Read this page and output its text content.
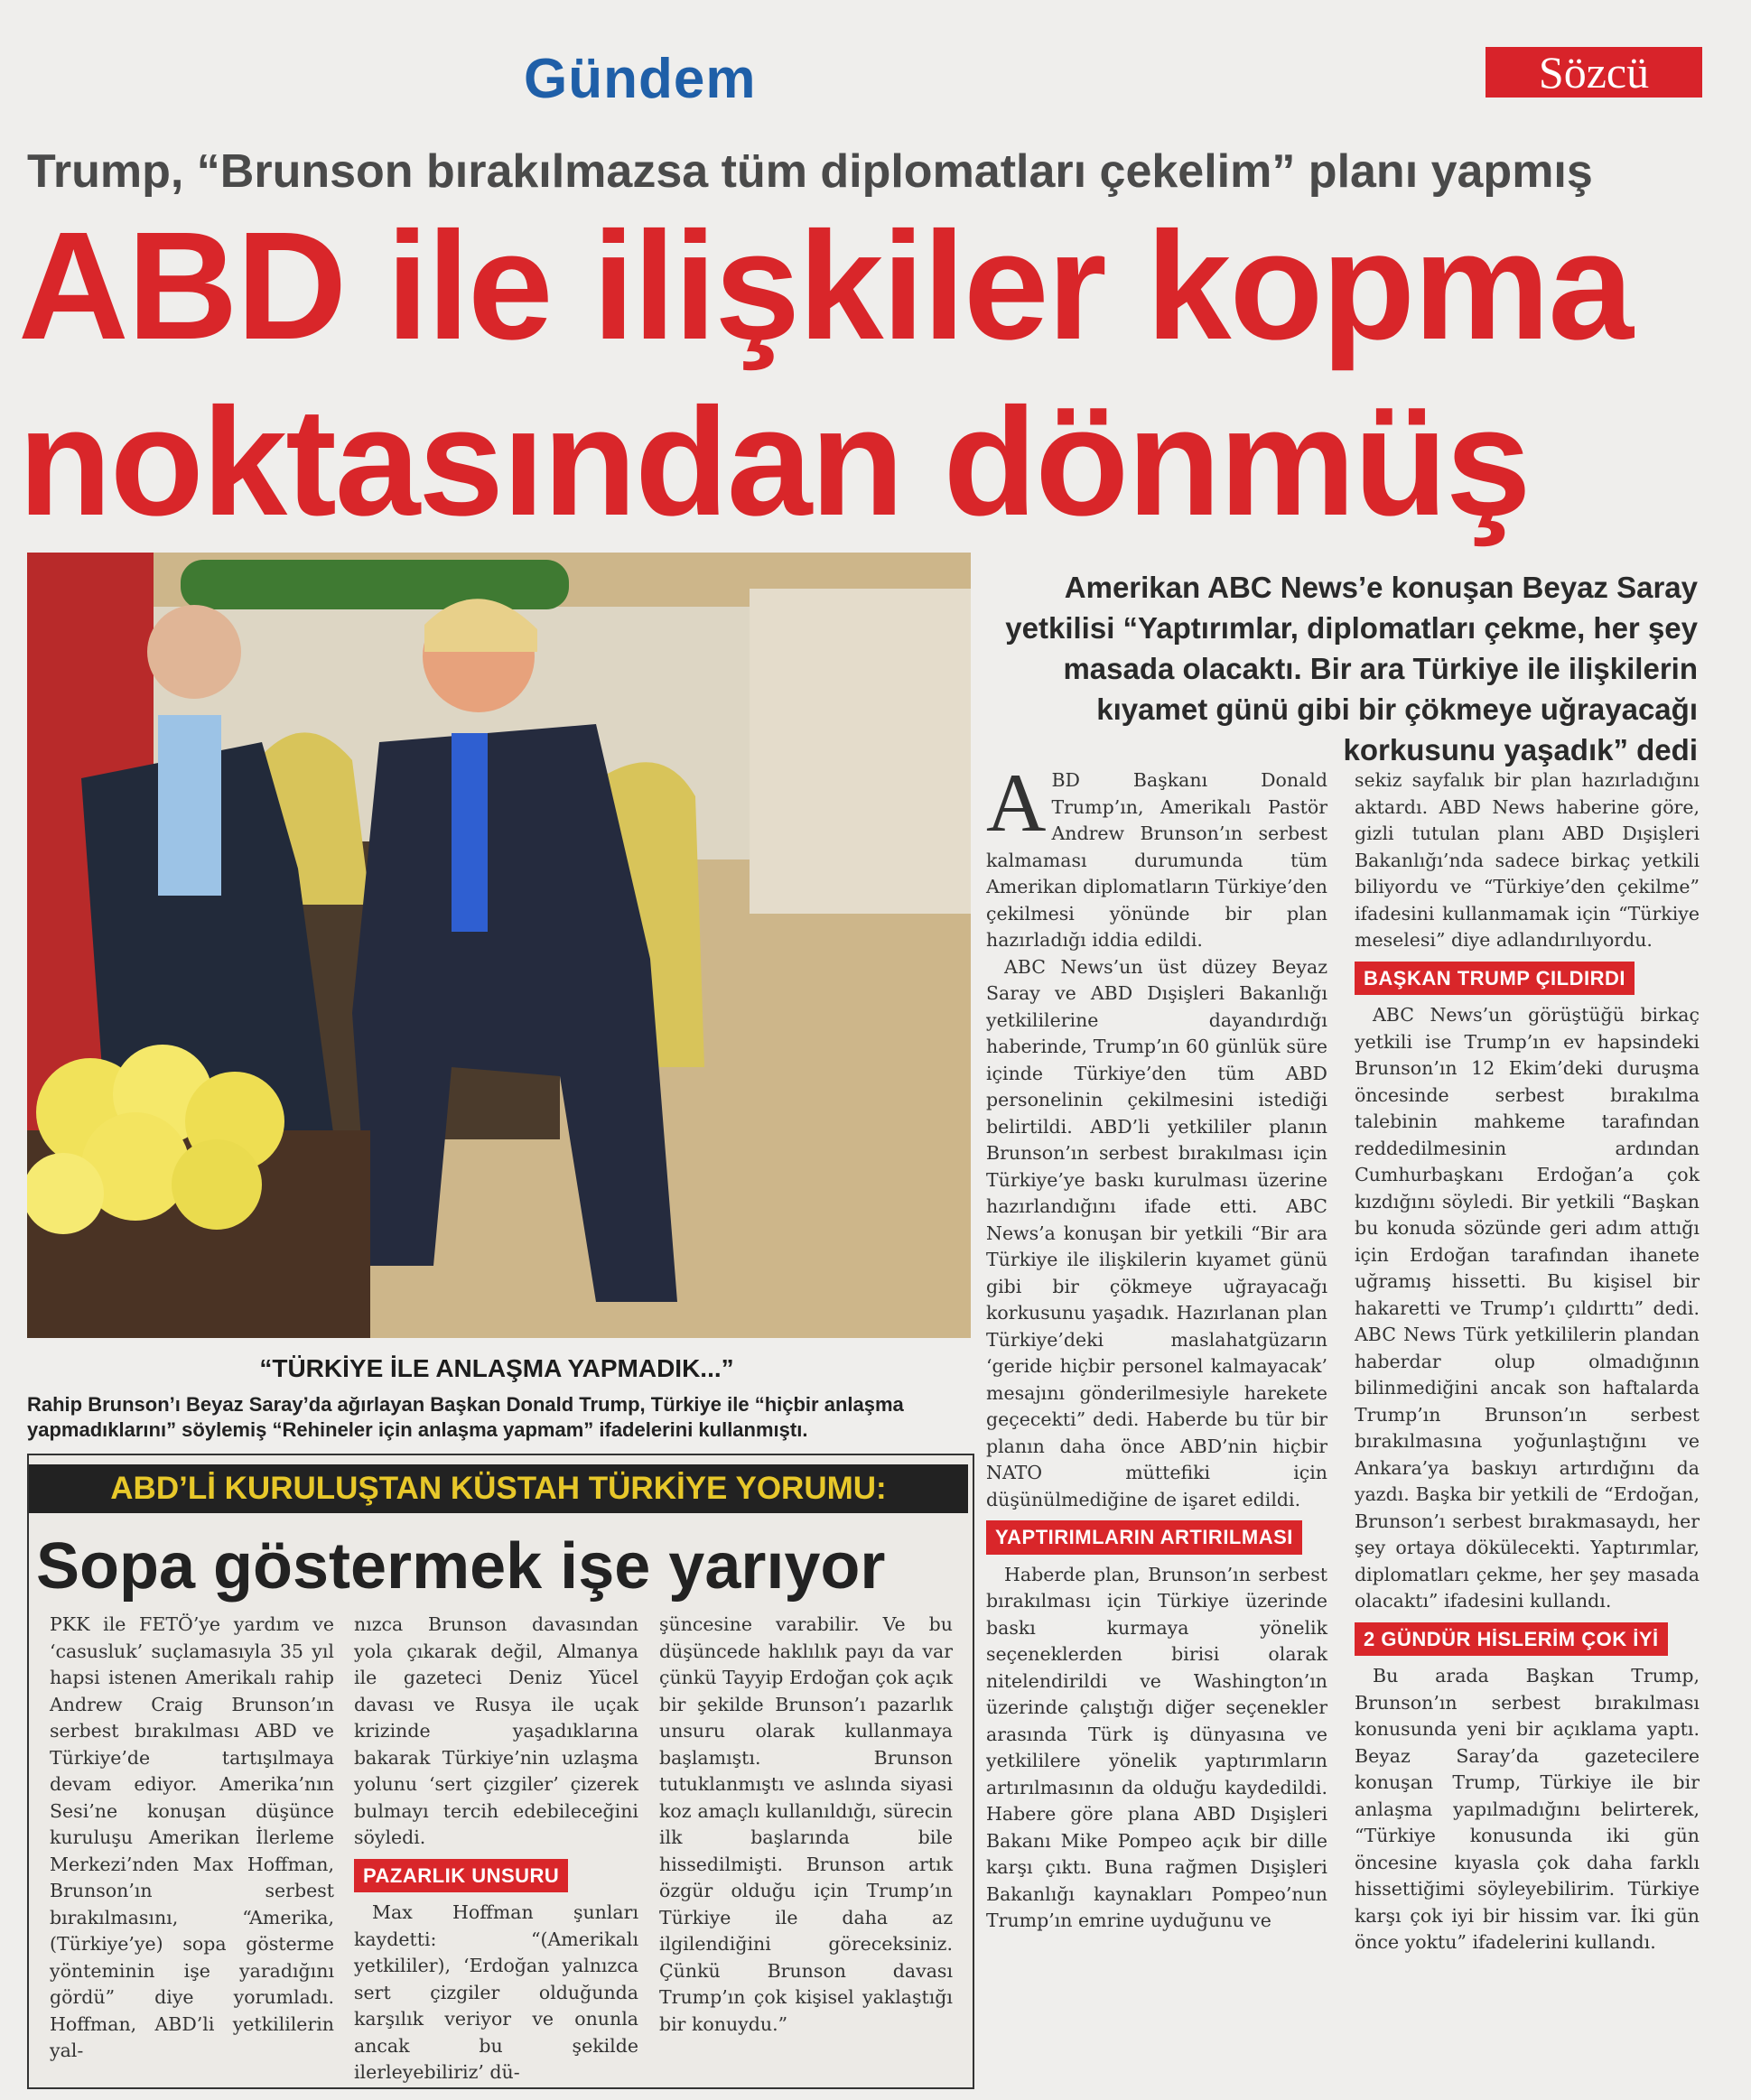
Gündem	Sözcü
Trump, “Brunson bırakılmazsa tüm diplomatları çekelim” planı yapmış
ABD ile ilişkiler kopma
noktasından dönmüş
“TÜRKİYE İLE ANLAŞMA YAPMADIK...”
Rahip Brunson’ı Beyaz Saray’da ağırlayan Başkan Donald Trump, Türkiye ile “hiçbir anlaşma yapmadıklarını” söylemiş “Rehineler için anlaşma yapmam” ifadelerini kullanmıştı.
Amerikan ABC News’e konuşan Beyaz Saray yetkilisi “Yaptırımlar, diplomatları çekme, her şey masada olacaktı. Bir ara Türkiye ile ilişkilerin kıyamet günü gibi bir çökmeye uğrayacağı korkusunu yaşadık” dedi

ABD Başkanı Donald Trump’ın, Amerikalı Pastör Andrew Brunson’ın serbest kalmaması durumunda tüm Amerikan diplomatların Türkiye’den çekilmesi yönünde bir plan hazırladığı iddia edildi.

ABC News’un üst düzey Beyaz Saray ve ABD Dışişleri Bakanlığı yetkililerine dayandırdığı haberinde, Trump’ın 60 günlük süre içinde Türkiye’den tüm ABD personelinin çekilmesini istediği belirtildi. ABD’li yetkililer planın Brunson’ın serbest bırakılması için Türkiye’ye baskı kurulması üzerine hazırlandığını ifade etti. ABC News’a konuşan bir yetkili “Bir ara Türkiye ile ilişkilerin kıyamet günü gibi bir çökmeye uğrayacağı korkusunu yaşadık. Hazırlanan plan Türkiye’deki maslahatgüzarın ‘geride hiçbir personel kalmayacak’ mesajını gönderilmesiyle harekete geçecekti” dedi. Haberde bu tür bir planın daha önce ABD’nin hiçbir NATO müttefiki için düşünülmediğine de işaret edildi.

YAPTIRIMLARIN ARTIRILMASI

Haberde plan, Brunson’ın serbest bırakılması için Türkiye üzerinde baskı kurmaya yönelik seçeneklerden birisi olarak nitelendirildi ve Washington’ın üzerinde çalıştığı diğer seçenekler arasında Türk iş dünyasına ve yetkililere yönelik yaptırımların artırılmasının da olduğu kaydedildi. Habere göre plana ABD Dışişleri Bakanı Mike Pompeo açık bir dille karşı çıktı. Buna rağmen Dışişleri Bakanlığı kaynakları Pompeo’nun Trump’ın emrine uyduğunu ve

sekiz sayfalık bir plan hazırladığını aktardı. ABD News haberine göre, gizli tutulan planı ABD Dışişleri Bakanlığı’nda sadece birkaç yetkili biliyordu ve “Türkiye’den çekilme” ifadesini kullanmamak için “Türkiye meselesi” diye adlandırılıyordu.

BAŞKAN TRUMP ÇILDIRDI

ABC News’un görüştüğü birkaç yetkili ise Trump’ın ev hapsindeki Brunson’ın 12 Ekim’deki duruşma öncesinde serbest bırakılma talebinin mahkeme tarafından reddedilmesinin ardından Cumhurbaşkanı Erdoğan’a çok kızdığını söyledi. Bir yetkili “Başkan bu konuda sözünde geri adım attığı için Erdoğan tarafından ihanete uğramış hissetti. Bu kişisel bir hakaretti ve Trump’ı çıldırttı” dedi. ABC News Türk yetkililerin plandan haberdar olup olmadığının bilinmediğini ancak son haftalarda Trump’ın Brunson’ın serbest bırakılmasına yoğunlaştığını ve Ankara’ya baskıyı artırdığını da yazdı. Başka bir yetkili de “Erdoğan, Brunson’ı serbest bırakmasaydı, her şey ortaya dökülecekti. Yaptırımlar, diplomatları çekme, her şey masada olacaktı” ifadesini kullandı.

2 GÜNDÜR HİSLERİM ÇOK İYİ

Bu arada Başkan Trump, Brunson’ın serbest bırakılması konusunda yeni bir açıklama yaptı. Beyaz Saray’da gazetecilere konuşan Trump, Türkiye ile bir anlaşma yapılmadığını belirterek, “Türkiye konusunda iki gün öncesine kıyasla çok daha farklı hissettiğimi söyleyebilirim. Türkiye karşı çok iyi bir hissim var. İki gün önce yoktu” ifadelerini kullandı.

ABD’Lİ KURULUŞTAN KÜSTAH TÜRKİYE YORUMU:
Sopa göstermek işe yarıyor

PKK ile FETÖ’ye yardım ve ‘casusluk’ suçlamasıyla 35 yıl hapsi istenen Amerikalı rahip Andrew Craig Brunson’ın serbest bırakılması ABD ve Türkiye’de tartışılmaya devam ediyor. Amerika’nın Sesi’ne konuşan düşünce kuruluşu Amerikan İlerleme Merkezi’nden Max Hoffman, Brunson’ın serbest bırakılmasını, “Amerika, (Türkiye’ye) sopa gösterme yönteminin işe yaradığını gördü” diye yorumladı. Hoffman, ABD’li yetkililerin yal-

nızca Brunson davasından yola çıkarak değil, Almanya ile gazeteci Deniz Yücel davası ve Rusya ile uçak krizinde yaşadıklarına bakarak Türkiye’nin uzlaşma yolunu ‘sert çizgiler’ çizerek bulmayı tercih edebileceğini söyledi.

PAZARLIK UNSURU

Max Hoffman şunları kaydetti: “(Amerikalı yetkililer), ‘Erdoğan yalnızca sert çizgiler olduğunda karşılık veriyor ve onunla ancak bu şekilde ilerleyebiliriz’ dü-

şüncesine varabilir. Ve bu düşüncede haklılık payı da var çünkü Tayyip Erdoğan çok açık bir şekilde Brunson’ı pazarlık unsuru olarak kullanmaya başlamıştı. Brunson tutuklanmıştı ve aslında siyasi koz amaçlı kullanıldığı, sürecin ilk başlarında bile hissedilmişti. Brunson artık özgür olduğu için Trump’ın Türkiye ile daha az ilgilendiğini göreceksiniz. Çünkü Brunson davası Trump’ın çok kişisel yaklaştığı bir konuydu.”
